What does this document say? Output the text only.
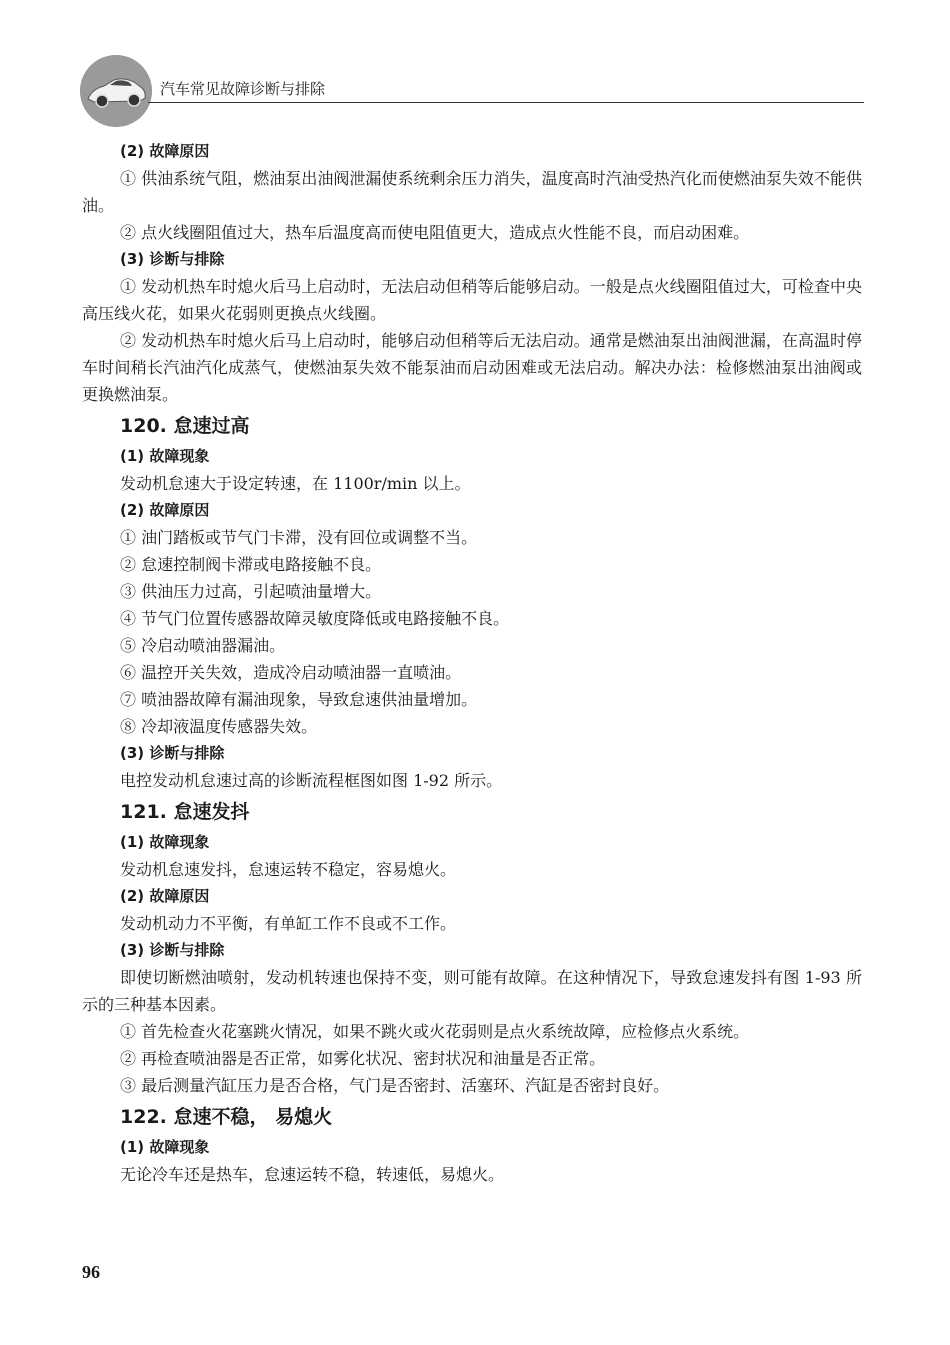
汽车常见故障诊断与排除
(2) 故障原因
① 供油系统气阻，燃油泵出油阀泄漏使系统剩余压力消失，温度高时汽油受热汽化而使燃油泵失效不能供油。
② 点火线圈阻值过大，热车后温度高而使电阻值更大，造成点火性能不良，而启动困难。
(3) 诊断与排除
① 发动机热车时熄火后马上启动时，无法启动但稍等后能够启动。一般是点火线圈阻值过大，可检查中央高压线火花，如果火花弱则更换点火线圈。
② 发动机热车时熄火后马上启动时，能够启动但稍等后无法启动。通常是燃油泵出油阀泄漏，在高温时停车时间稍长汽油汽化成蒸气，使燃油泵失效不能泵油而启动困难或无法启动。解决办法：检修燃油泵出油阀或更换燃油泵。
120. 怠速过高
(1) 故障现象
发动机怠速大于设定转速，在 1100r/min 以上。
(2) 故障原因
① 油门踏板或节气门卡滞，没有回位或调整不当。
② 怠速控制阀卡滞或电路接触不良。
③ 供油压力过高，引起喷油量增大。
④ 节气门位置传感器故障灵敏度降低或电路接触不良。
⑤ 冷启动喷油器漏油。
⑥ 温控开关失效，造成冷启动喷油器一直喷油。
⑦ 喷油器故障有漏油现象，导致怠速供油量增加。
⑧ 冷却液温度传感器失效。
(3) 诊断与排除
电控发动机怠速过高的诊断流程框图如图 1-92 所示。
121. 怠速发抖
(1) 故障现象
发动机怠速发抖，怠速运转不稳定，容易熄火。
(2) 故障原因
发动机动力不平衡，有单缸工作不良或不工作。
(3) 诊断与排除
即使切断燃油喷射，发动机转速也保持不变，则可能有故障。在这种情况下，导致怠速发抖有图 1-93 所示的三种基本因素。
① 首先检查火花塞跳火情况，如果不跳火或火花弱则是点火系统故障，应检修点火系统。
② 再检查喷油器是否正常，如雾化状况、密封状况和油量是否正常。
③ 最后测量汽缸压力是否合格，气门是否密封、活塞环、汽缸是否密封良好。
122. 怠速不稳， 易熄火
(1) 故障现象
无论冷车还是热车，怠速运转不稳，转速低，易熄火。
96
